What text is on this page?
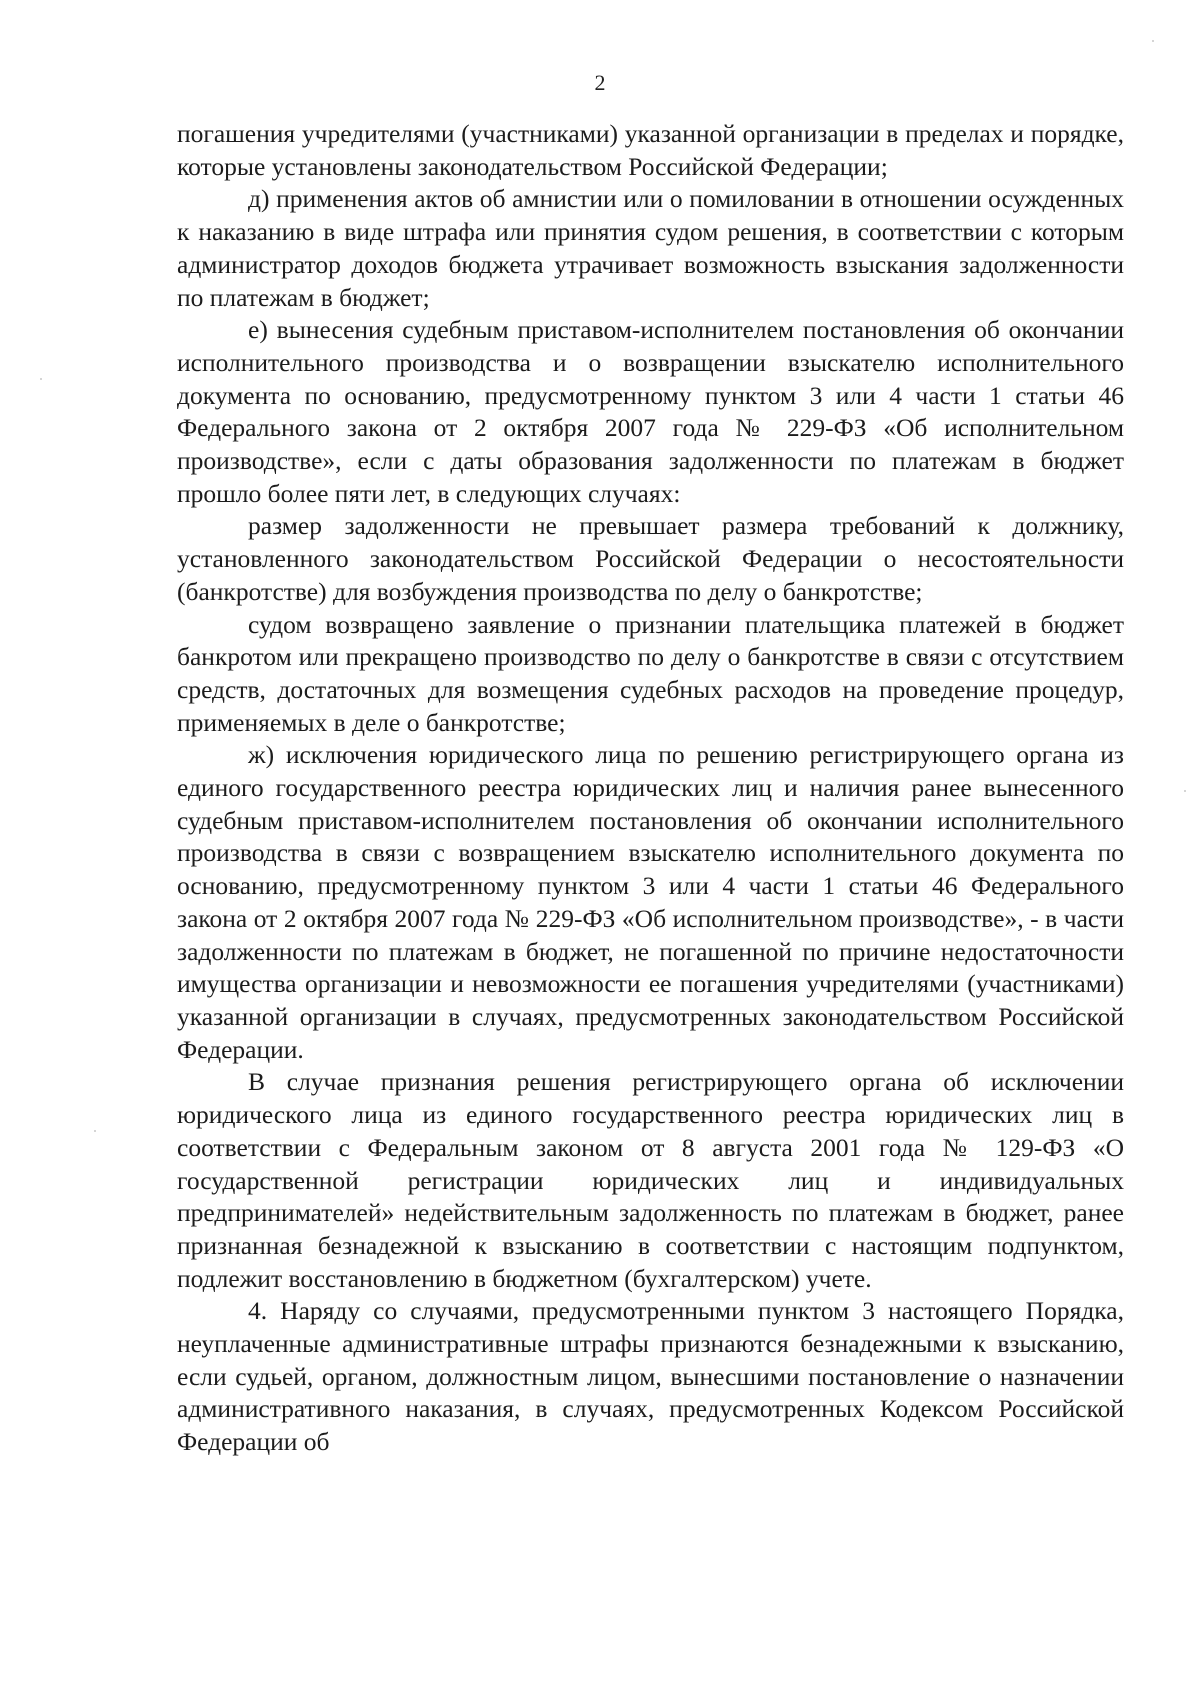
2

погашения учредителями (участниками) указанной организации в пределах и порядке, которые установлены законодательством Российской Федерации;

д) применения актов об амнистии или о помиловании в отношении осужденных к наказанию в виде штрафа или принятия судом решения, в соответствии с которым администратор доходов бюджета утрачивает возможность взыскания задолженности по платежам в бюджет;

е) вынесения судебным приставом-исполнителем постановления об окончании исполнительного производства и о возвращении взыскателю исполнительного документа по основанию, предусмотренному пунктом 3 или 4 части 1 статьи 46 Федерального закона от 2 октября 2007 года № 229-ФЗ «Об исполнительном производстве», если с даты образования задолженности по платежам в бюджет прошло более пяти лет, в следующих случаях:

размер задолженности не превышает размера требований к должнику, установленного законодательством Российской Федерации о несостоятельности (банкротстве) для возбуждения производства по делу о банкротстве;

судом возвращено заявление о признании плательщика платежей в бюджет банкротом или прекращено производство по делу о банкротстве в связи с отсутствием средств, достаточных для возмещения судебных расходов на проведение процедур, применяемых в деле о банкротстве;

ж) исключения юридического лица по решению регистрирующего органа из единого государственного реестра юридических лиц и наличия ранее вынесенного судебным приставом-исполнителем постановления об окончании исполнительного производства в связи с возвращением взыскателю исполнительного документа по основанию, предусмотренному пунктом 3 или 4 части 1 статьи 46 Федерального закона от 2 октября 2007 года № 229-ФЗ «Об исполнительном производстве», - в части задолженности по платежам в бюджет, не погашенной по причине недостаточности имущества организации и невозможности ее погашения учредителями (участниками) указанной организации в случаях, предусмотренных законодательством Российской Федерации.

В случае признания решения регистрирующего органа об исключении юридического лица из единого государственного реестра юридических лиц в соответствии с Федеральным законом от 8 августа 2001 года № 129-ФЗ «О государственной регистрации юридических лиц и индивидуальных предпринимателей» недействительным задолженность по платежам в бюджет, ранее признанная безнадежной к взысканию в соответствии с настоящим подпунктом, подлежит восстановлению в бюджетном (бухгалтерском) учете.

4. Наряду со случаями, предусмотренными пунктом 3 настоящего Порядка, неуплаченные административные штрафы признаются безнадежными к взысканию, если судьей, органом, должностным лицом, вынесшими постановление о назначении административного наказания, в случаях, предусмотренных Кодексом Российской Федерации об
